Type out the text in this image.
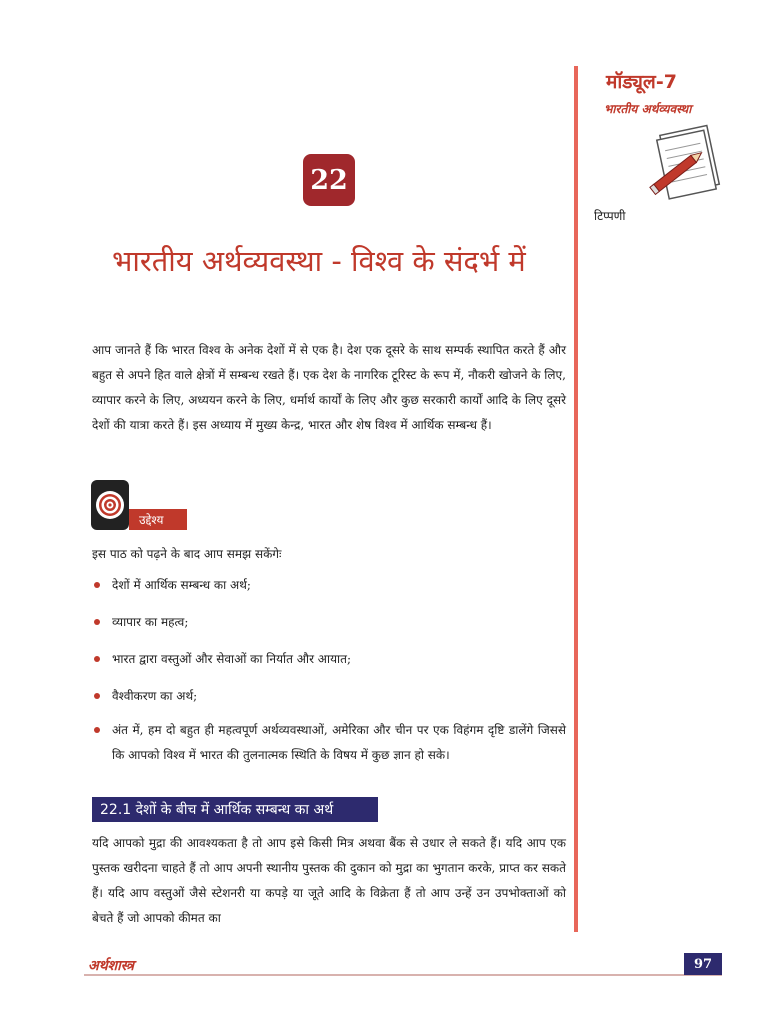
मॉड्यूल-7
भारतीय अर्थव्यवस्था
टिप्पणी
22
भारतीय अर्थव्यवस्था - विश्व के संदर्भ में

आप जानते हैं कि भारत विश्व के अनेक देशों में से एक है। देश एक दूसरे के साथ सम्पर्क स्थापित करते हैं और बहुत से अपने हित वाले क्षेत्रों में सम्बन्ध रखते हैं। एक देश के नागरिक टूरिस्ट के रूप में, नौकरी खोजने के लिए, व्यापार करने के लिए, अध्ययन करने के लिए, धर्मार्थ कार्यों के लिए और कुछ सरकारी कार्यों आदि के लिए दूसरे देशों की यात्रा करते हैं। इस अध्याय में मुख्य केन्द्र, भारत और शेष विश्व में आर्थिक सम्बन्ध हैं।

उद्देश्य

इस पाठ को पढ़ने के बाद आप समझ सकेंगेः

देशों में आर्थिक सम्बन्ध का अर्थ;
व्यापार का महत्व;
भारत द्वारा वस्तुओं और सेवाओं का निर्यात और आयात;
वैश्वीकरण का अर्थ;
अंत में, हम दो बहुत ही महत्वपूर्ण अर्थव्यवस्थाओं, अमेरिका और चीन पर एक विहंगम दृष्टि डालेंगे जिससे कि आपको विश्व में भारत की तुलनात्मक स्थिति के विषय में कुछ ज्ञान हो सके।
22.1 देशों के बीच में आर्थिक सम्बन्ध का अर्थ

यदि आपको मुद्रा की आवश्यकता है तो आप इसे किसी मित्र अथवा बैंक से उधार ले सकते हैं। यदि आप एक पुस्तक खरीदना चाहते हैं तो आप अपनी स्थानीय पुस्तक की दुकान को मुद्रा का भुगतान करके, प्राप्त कर सकते हैं। यदि आप वस्तुओं जैसे स्टेशनरी या कपड़े या जूते आदि के विक्रेता हैं तो आप उन्हें उन उपभोक्ताओं को बेचते हैं जो आपको कीमत का

अर्थशास्त्र	97
